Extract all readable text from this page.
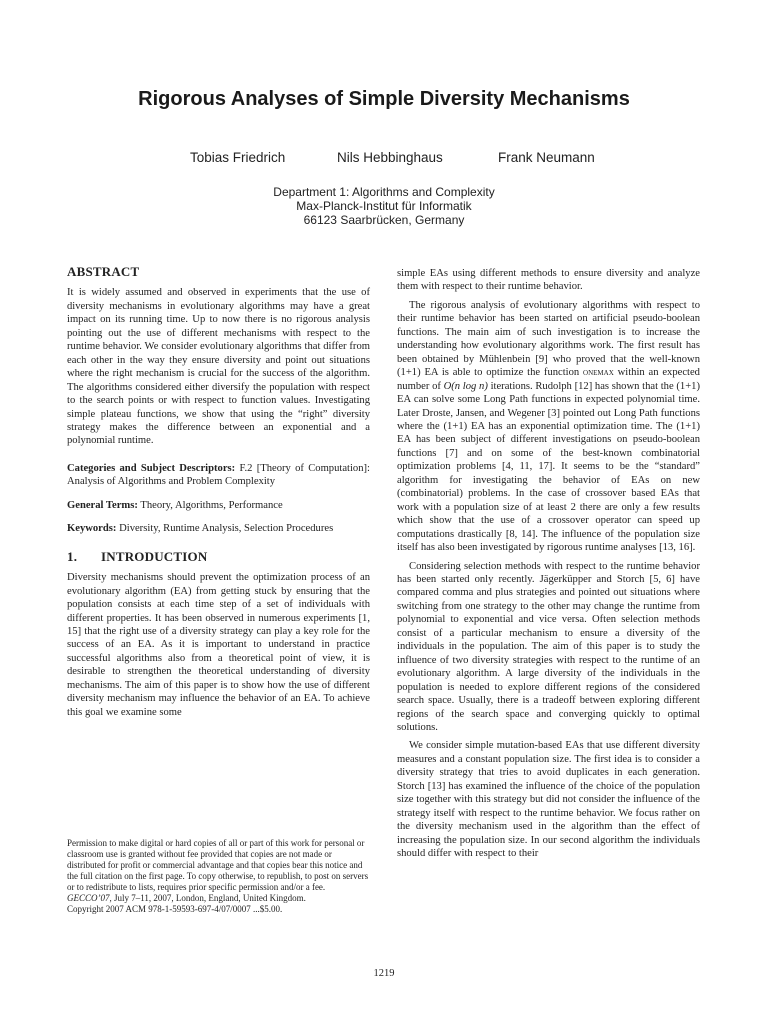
Rigorous Analyses of Simple Diversity Mechanisms
Tobias Friedrich	Nils Hebbinghaus	Frank Neumann
Department 1: Algorithms and Complexity
Max-Planck-Institut für Informatik
66123 Saarbrücken, Germany
ABSTRACT

It is widely assumed and observed in experiments that the use of diversity mechanisms in evolutionary algorithms may have a great impact on its running time. Up to now there is no rigorous analysis pointing out the use of different mechanisms with respect to the runtime behavior. We consider evolutionary algorithms that differ from each other in the way they ensure diversity and point out situations where the right mechanism is crucial for the success of the algorithm. The algorithms considered either diversify the population with respect to the search points or with respect to function values. Investigating simple plateau functions, we show that using the “right” diversity strategy makes the difference between an exponential and a polynomial runtime.

Categories and Subject Descriptors: F.2 [Theory of Computation]: Analysis of Algorithms and Problem Complexity

General Terms: Theory, Algorithms, Performance

Keywords: Diversity, Runtime Analysis, Selection Procedures

1. INTRODUCTION

Diversity mechanisms should prevent the optimization process of an evolutionary algorithm (EA) from getting stuck by ensuring that the population consists at each time step of a set of individuals with different properties. It has been observed in numerous experiments [1, 15] that the right use of a diversity strategy can play a key role for the success of an EA. As it is important to understand in practice successful algorithms also from a theoretical point of view, it is desirable to strengthen the theoretical understanding of diversity mechanisms. The aim of this paper is to show how the use of different diversity mechanism may influence the behavior of an EA. To achieve this goal we examine some

Permission to make digital or hard copies of all or part of this work for personal or classroom use is granted without fee provided that copies are not made or distributed for profit or commercial advantage and that copies bear this notice and the full citation on the first page. To copy otherwise, to republish, to post on servers or to redistribute to lists, requires prior specific permission and/or a fee.

GECCO’07, July 7–11, 2007, London, England, United Kingdom.

Copyright 2007 ACM 978-1-59593-697-4/07/0007 ...$5.00.

simple EAs using different methods to ensure diversity and analyze them with respect to their runtime behavior.

The rigorous analysis of evolutionary algorithms with respect to their runtime behavior has been started on artificial pseudo-boolean functions. The main aim of such investigation is to increase the understanding how evolutionary algorithms work. The first result has been obtained by Mühlenbein [9] who proved that the well-known (1+1) EA is able to optimize the function onemax within an expected number of O(n log n) iterations. Rudolph [12] has shown that the (1+1) EA can solve some Long Path functions in expected polynomial time. Later Droste, Jansen, and Wegener [3] pointed out Long Path functions where the (1+1) EA has an exponential optimization time. The (1+1) EA has been subject of different investigations on pseudo-boolean functions [7] and on some of the best-known combinatorial optimization problems [4, 11, 17]. It seems to be the “standard” algorithm for investigating the behavior of EAs on new (combinatorial) problems. In the case of crossover based EAs that work with a population size of at least 2 there are only a few results which show that the use of a crossover operator can speed up computations drastically [8, 14]. The influence of the population size itself has also been investigated by rigorous runtime analyses [13, 16].

Considering selection methods with respect to the runtime behavior has been started only recently. Jägerküpper and Storch [5, 6] have compared comma and plus strategies and pointed out situations where switching from one strategy to the other may change the runtime from polynomial to exponential and vice versa. Often selection methods consist of a particular mechanism to ensure a diversity of the individuals in the population. The aim of this paper is to study the influence of two diversity strategies with respect to the runtime of an evolutionary algorithm. A large diversity of the individuals in the population is needed to explore different regions of the considered search space. Usually, there is a tradeoff between exploring different regions of the search space and converging quickly to optimal solutions.

We consider simple mutation-based EAs that use different diversity measures and a constant population size. The first idea is to consider a diversity strategy that tries to avoid duplicates in each generation. Storch [13] has examined the influence of the choice of the population size together with this strategy but did not consider the influence of the strategy itself with respect to the runtime behavior. We focus rather on the diversity mechanism used in the algorithm than the effect of increasing the population size. In our second algorithm the individuals should differ with respect to their

1219
